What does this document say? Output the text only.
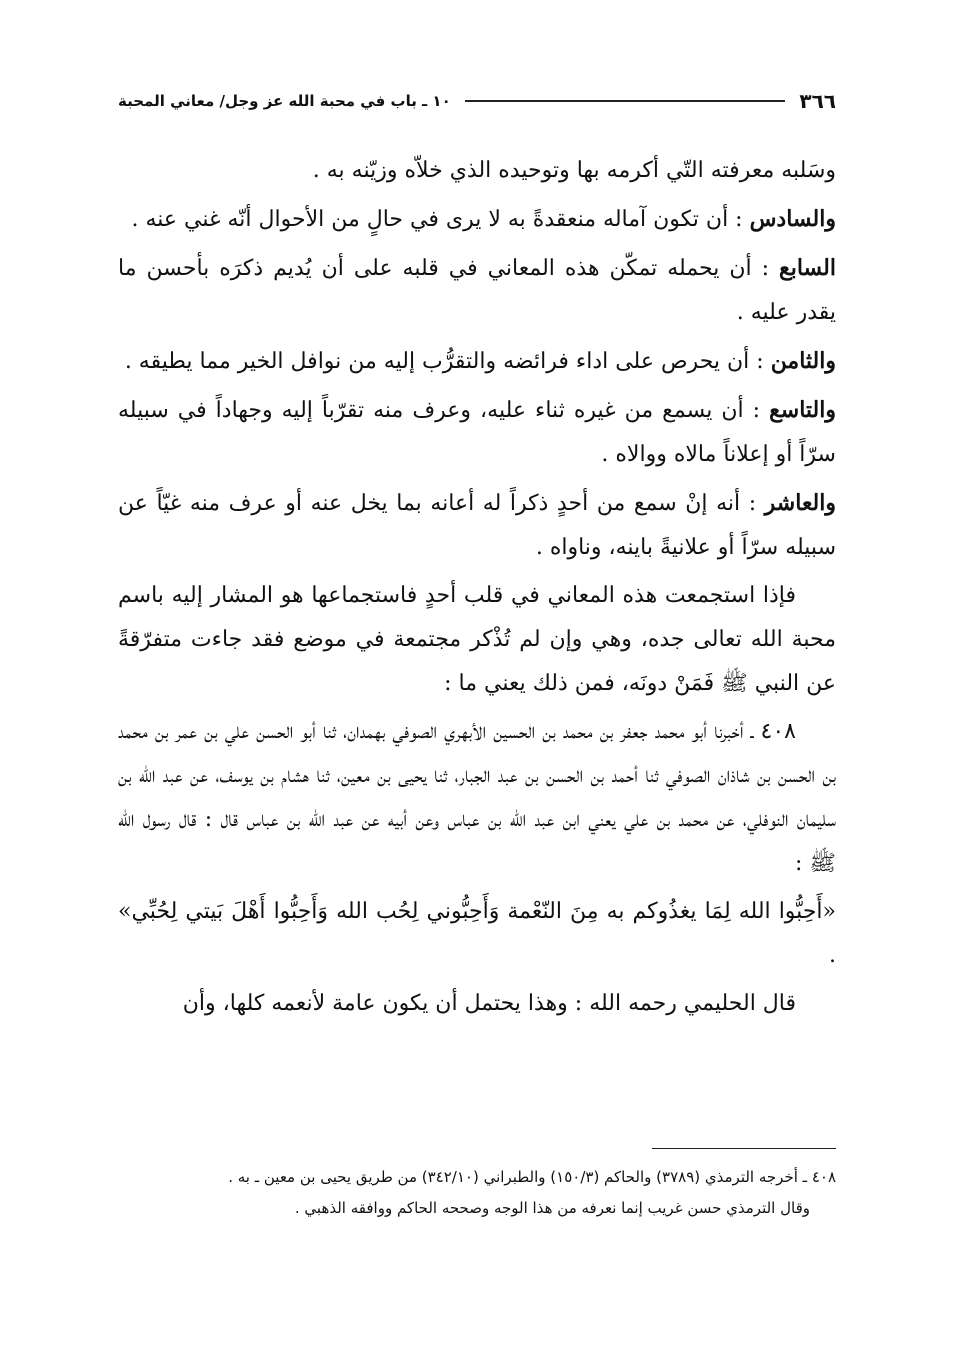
٣٦٦
١٠ ـ باب في محبة الله عز وجل/ معاني المحبة

وسَلبه معرفته التّي أكرمه بها وتوحيده الذي خلاّه وزيّنه به .

والسادس : أن تكون آماله منعقدةً به لا يرى في حالٍ من الأحوال أنّه غني عنه .

السابع : أن يحمله تمكّن هذه المعاني في قلبه على أن يُديم ذكرَه بأحسن ما يقدر عليه .

والثامن : أن يحرص على اداء فرائضه والتقرُّب إليه من نوافل الخير مما يطيقه .

والتاسع : أن يسمع من غيره ثناء عليه، وعرف منه تقرّباً إليه وجهاداً في سبيله سرّاً أو إعلاناً مالاه ووالاه .

والعاشر : أنه إنْ سمع من أحدٍ ذكراً له أعانه بما يخل عنه أو عرف منه غيّاً عن سبيله سرّاً أو علانيةً باينه، وناواه .

فإذا استجمعت هذه المعاني في قلب أحدٍ فاستجماعها هو المشار إليه باسم محبة الله تعالى جده، وهي وإن لم تُذْكر مجتمعة في موضع فقد جاءت متفرّقةً عن النبي ﷺ فَمَنْ دونَه، فمن ذلك يعني ما :

٤٠٨ ـ أخبرنا أبو محمد جعفر بن محمد بن الحسين الأبهري الصوفي بهمدان، ثنا أبو الحسن علي بن عمر بن محمد بن الحسن بن شاذان الصوفي ثنا أحمد بن الحسن بن عبد الجبار، ثنا يحيى بن معين، ثنا هشام بن يوسف، عن عبد الله بن سليمان النوفلي، عن محمد بن علي يعني ابن عبد الله بن عباس وعن أبيه عن عبد الله بن عباس قال : قال رسول الله ﷺ :

«أَحِبُّوا الله لِمَا يغذُوكم به مِنَ النّعْمة وَأَحِبُّوني لِحُب الله وَأَحِبُّوا أَهْلَ بَيتي لِحُبِّي» .

قال الحليمي رحمه الله : وهذا يحتمل أن يكون عامة لأنعمه كلها، وأن

٤٠٨ ـ أخرجه الترمذي (٣٧٨٩) والحاكم (١٥٠/٣) والطبراني (٣٤٢/١٠) من طريق يحيى بن معين ـ به .

وقال الترمذي حسن غريب إنما نعرفه من هذا الوجه وصححه الحاكم ووافقه الذهبي .
